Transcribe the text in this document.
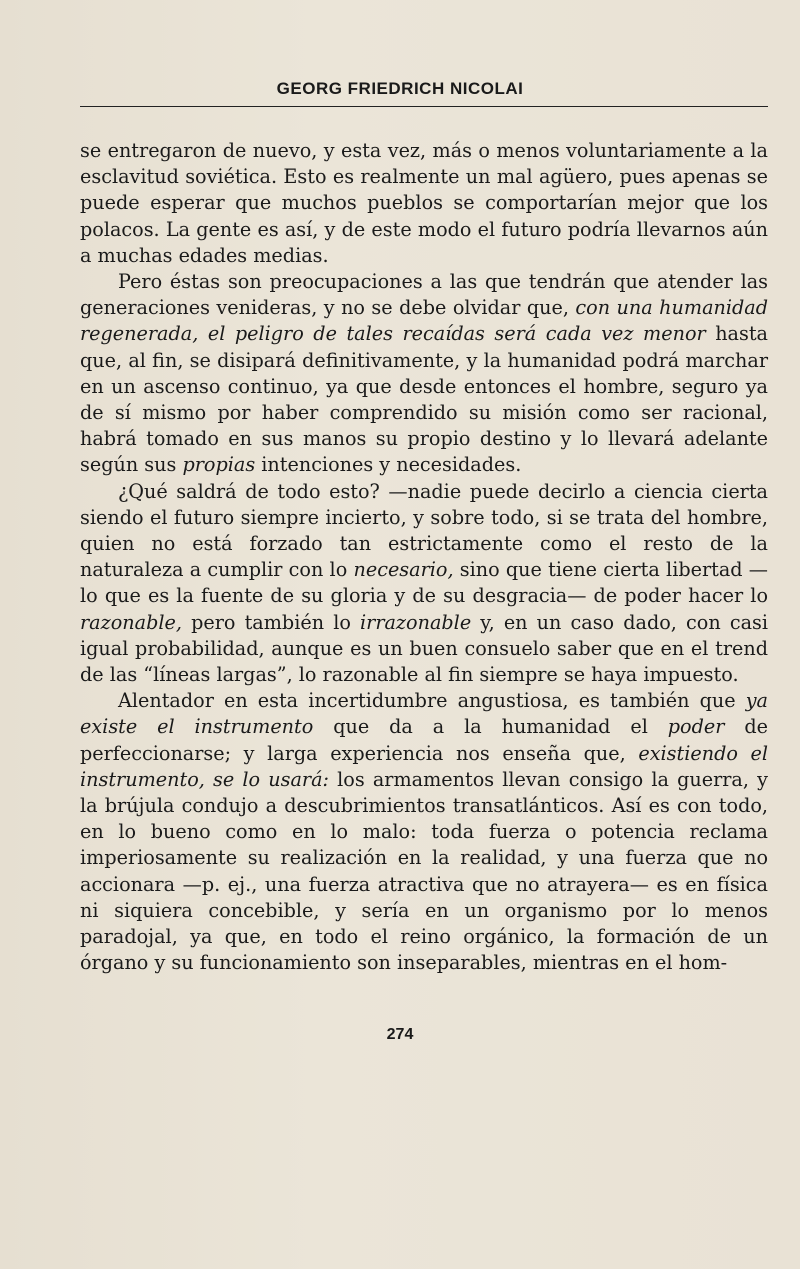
GEORG FRIEDRICH NICOLAI

se entregaron de nuevo, y esta vez, más o menos voluntariamente a la esclavitud soviética. Esto es realmente un mal agüero, pues apenas se puede esperar que muchos pueblos se comportarían mejor que los polacos. La gente es así, y de este modo el futuro podría llevarnos aún a muchas edades medias.

Pero éstas son preocupaciones a las que tendrán que atender las generaciones venideras, y no se debe olvidar que, con una humanidad regenerada, el peligro de tales recaídas será cada vez menor hasta que, al fin, se disipará definitivamente, y la humanidad podrá marchar en un ascenso continuo, ya que desde entonces el hombre, seguro ya de sí mismo por haber comprendido su misión como ser racional, habrá tomado en sus manos su propio destino y lo llevará adelante según sus propias intenciones y necesidades.

¿Qué saldrá de todo esto? —nadie puede decirlo a ciencia cierta siendo el futuro siempre incierto, y sobre todo, si se trata del hombre, quien no está forzado tan estrictamente como el resto de la naturaleza a cumplir con lo necesario, sino que tiene cierta libertad —lo que es la fuente de su gloria y de su desgracia— de poder hacer lo razonable, pero también lo irrazonable y, en un caso dado, con casi igual probabilidad, aunque es un buen consuelo saber que en el trend de las “líneas largas”, lo razonable al fin siempre se haya impuesto.

Alentador en esta incertidumbre angustiosa, es también que ya existe el instrumento que da a la humanidad el poder de perfeccionarse; y larga experiencia nos enseña que, existiendo el instrumento, se lo usará: los armamentos llevan consigo la guerra, y la brújula condujo a descubrimientos transatlánticos. Así es con todo, en lo bueno como en lo malo: toda fuerza o potencia reclama imperiosamente su realización en la realidad, y una fuerza que no accionara —p. ej., una fuerza atractiva que no atrayera— es en física ni siquiera concebible, y sería en un organismo por lo menos paradojal, ya que, en todo el reino orgánico, la formación de un órgano y su funcionamiento son inseparables, mientras en el hom-

274
